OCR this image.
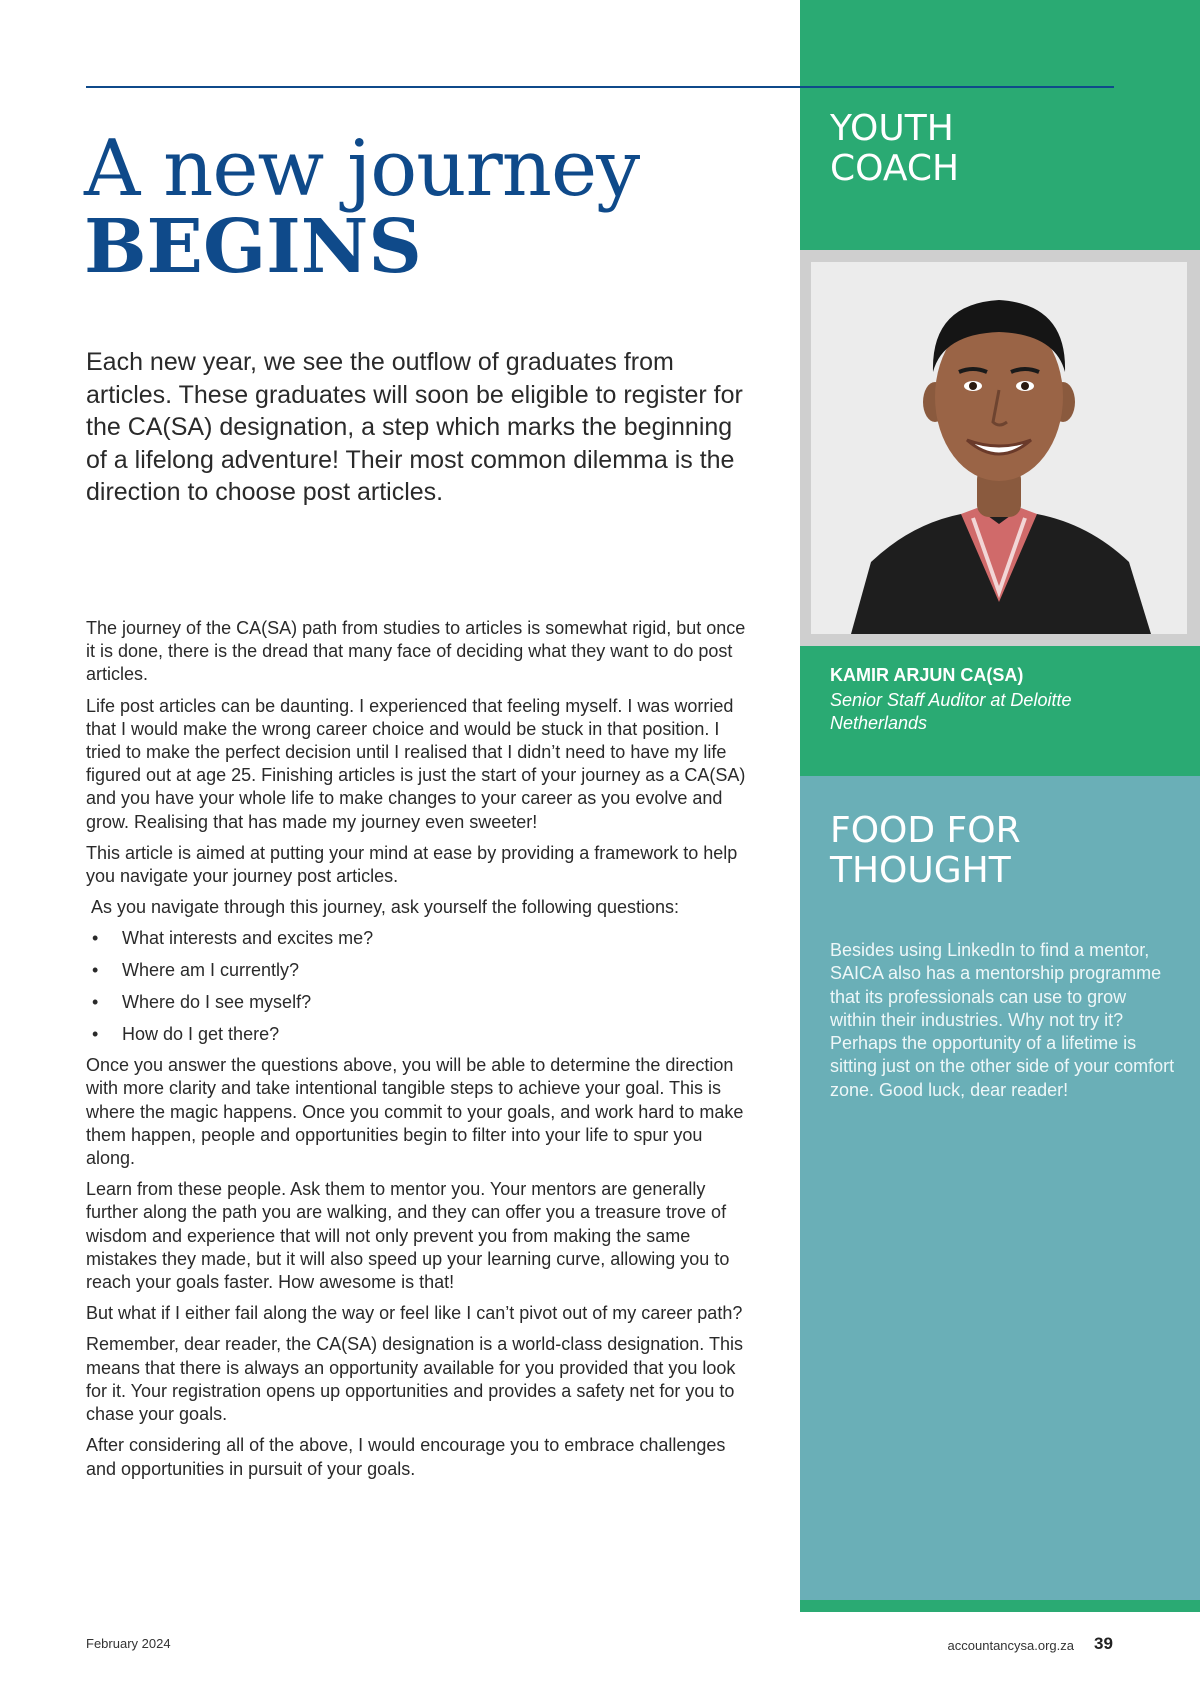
A new journey
BEGINS

Each new year, we see the outflow of graduates from articles. These graduates will soon be eligible to register for the CA(SA) designation, a step which marks the beginning of a lifelong adventure! Their most common dilemma is the direction to choose post articles.

The journey of the CA(SA) path from studies to articles is somewhat rigid, but once it is done, there is the dread that many face of deciding what they want to do post articles.

Life post articles can be daunting. I experienced that feeling myself. I was worried that I would make the wrong career choice and would be stuck in that position. I tried to make the perfect decision until I realised that I didn’t need to have my life figured out at age 25. Finishing articles is just the start of your journey as a CA(SA) and you have your whole life to make changes to your career as you evolve and grow. Realising that has made my journey even sweeter!

This article is aimed at putting your mind at ease by providing a framework to help you navigate your journey post articles.

As you navigate through this journey, ask yourself the following questions:

• What interests and excites me?
• Where am I currently?
• Where do I see myself?
• How do I get there?

Once you answer the questions above, you will be able to determine the direction with more clarity and take intentional tangible steps to achieve your goal. This is where the magic happens. Once you commit to your goals, and work hard to make them happen, people and opportunities begin to filter into your life to spur you along.

Learn from these people. Ask them to mentor you. Your mentors are generally further along the path you are walking, and they can offer you a treasure trove of wisdom and experience that will not only prevent you from making the same mistakes they made, but it will also speed up your learning curve, allowing you to reach your goals faster. How awesome is that!

But what if I either fail along the way or feel like I can’t pivot out of my career path?

Remember, dear reader, the CA(SA) designation is a world-class designation. This means that there is always an opportunity available for you provided that you look for it. Your registration opens up opportunities and provides a safety net for you to chase your goals.

After considering all of the above, I would encourage you to embrace challenges and opportunities in pursuit of your goals.

YOUTH
COACH
KAMIR ARJUN CA(SA)
Senior Staff Auditor at Deloitte Netherlands
FOOD FOR
THOUGHT

Besides using LinkedIn to find a mentor, SAICA also has a mentorship programme that its professionals can use to grow within their industries. Why not try it? Perhaps the opportunity of a lifetime is sitting just on the other side of your comfort zone. Good luck, dear reader!

February 2024	accountancysa.org.za 39
